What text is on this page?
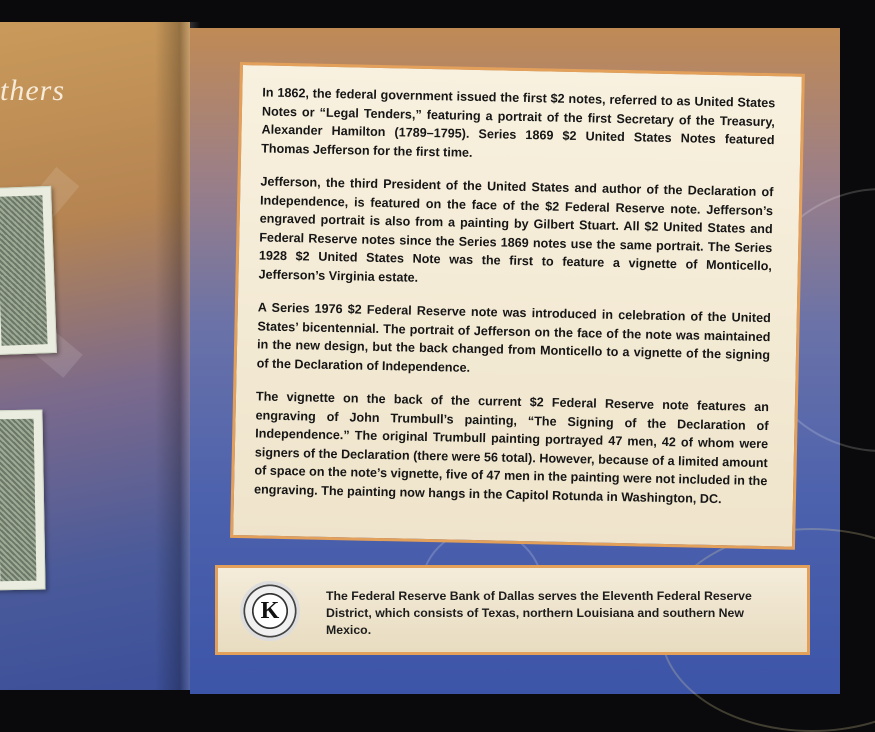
thers	In 1862, the federal government issued the first $2 notes, referred to as United States Notes or “Legal Tenders,” featuring a portrait of the first Secretary of the Treasury, Alexander Hamilton (1789–1795). Series 1869 $2 United States Notes featured Thomas Jefferson for the first time.

Jefferson, the third President of the United States and author of the Declaration of Independence, is featured on the face of the $2 Federal Reserve note. Jefferson’s engraved portrait is also from a painting by Gilbert Stuart. All $2 United States and Federal Reserve notes since the Series 1869 notes use the same portrait. The Series 1928 $2 United States Note was the first to feature a vignette of Monticello, Jefferson’s Virginia estate.

A Series 1976 $2 Federal Reserve note was introduced in celebration of the United States’ bicentennial. The portrait of Jefferson on the face of the note was maintained in the new design, but the back changed from Monticello to a vignette of the signing of the Declaration of Independence.

The vignette on the back of the current $2 Federal Reserve note features an engraving of John Trumbull’s painting, “The Signing of the Declaration of Independence.” The original Trumbull painting portrayed 47 men, 42 of whom were signers of the Declaration (there were 56 total). However, because of a limited amount of space on the note’s vignette, five of 47 men in the painting were not included in the engraving. The painting now hangs in the Capitol Rotunda in Washington, DC.

K
The Federal Reserve Bank of Dallas serves the Eleventh Federal Reserve District, which consists of Texas, northern Louisiana and southern New Mexico.
